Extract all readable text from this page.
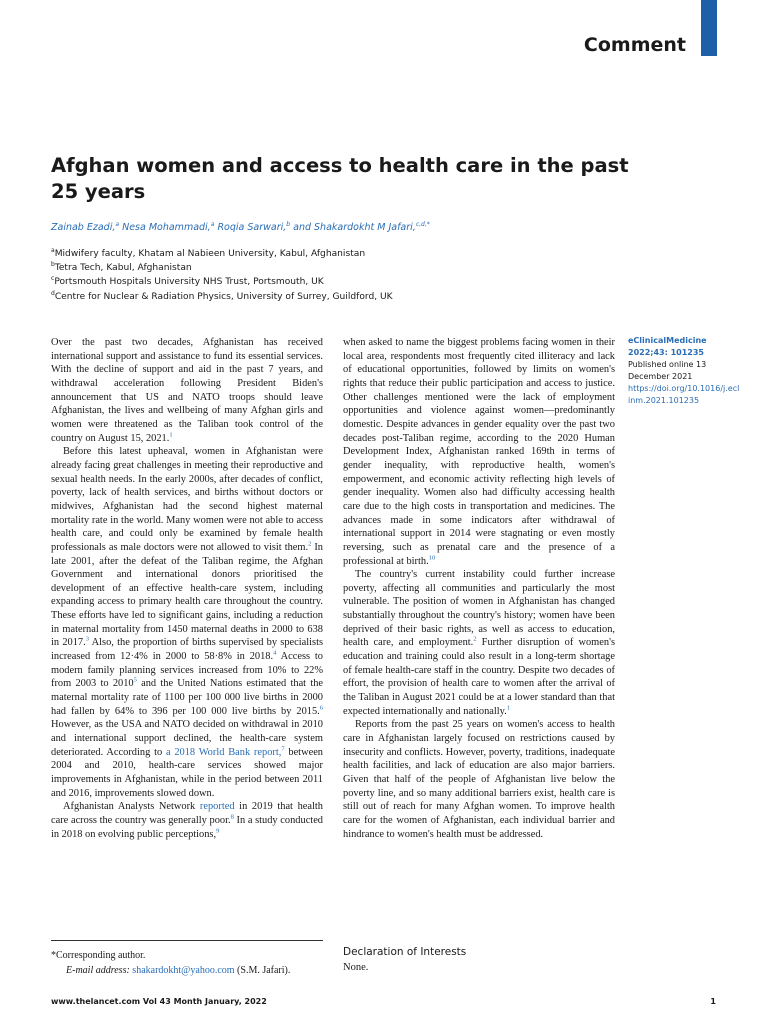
Comment
Afghan women and access to health care in the past 25 years
Zainab Ezadi,$^a$ Nesa Mohammadi,$^a$ Roqia Sarwari,$^b$ and Shakardokht M Jafari,$^{c,d,*}$
$^a$Midwifery faculty, Khatam al Nabieen University, Kabul, Afghanistan
$^b$Tetra Tech, Kabul, Afghanistan
$^c$Portsmouth Hospitals University NHS Trust, Portsmouth, UK
$^d$Centre for Nuclear & Radiation Physics, University of Surrey, Guildford, UK

Over the past two decades, Afghanistan has received international support and assistance to fund its essential services. With the decline of support and aid in the past 7 years, and withdrawal acceleration following President Biden's announcement that US and NATO troops should leave Afghanistan, the lives and wellbeing of many Afghan girls and women were threatened as the Taliban took control of the country on August 15, 2021.$^1$

Before this latest upheaval, women in Afghanistan were already facing great challenges in meeting their reproductive and sexual health needs. In the early 2000s, after decades of conflict, poverty, lack of health services, and births without doctors or midwives, Afghanistan had the second highest maternal mortality rate in the world. Many women were not able to access health care, and could only be examined by female health professionals as male doctors were not allowed to visit them.$^2$ In late 2001, after the defeat of the Taliban regime, the Afghan Government and international donors prioritised the development of an effective health-care system, including expanding access to primary health care throughout the country. These efforts have led to significant gains, including a reduction in maternal mortality from 1450 maternal deaths in 2000 to 638 in 2017.$^3$ Also, the proportion of births supervised by specialists increased from 12·4% in 2000 to 58·8% in 2018.$^4$ Access to modern family planning services increased from 10% to 22% from 2003 to 2010$^5$ and the United Nations estimated that the maternal mortality rate of 1100 per 100 000 live births in 2000 had fallen by 64% to 396 per 100 000 live births by 2015.$^6$ However, as the USA and NATO decided on withdrawal in 2010 and international support declined, the health-care system deteriorated. According to a 2018 World Bank report,$^7$ between 2004 and 2010, health-care services showed major improvements in Afghanistan, while in the period between 2011 and 2016, improvements slowed down.

Afghanistan Analysts Network reported in 2019 that health care across the country was generally poor.$^8$ In a study conducted in 2018 on evolving public perceptions,$^9$

when asked to name the biggest problems facing women in their local area, respondents most frequently cited illiteracy and lack of educational opportunities, followed by limits on women's rights that reduce their public participation and access to justice. Other challenges mentioned were the lack of employment opportunities and violence against women—predominantly domestic. Despite advances in gender equality over the past two decades post-Taliban regime, according to the 2020 Human Development Index, Afghanistan ranked 169th in terms of gender inequality, with reproductive health, women's empowerment, and economic activity reflecting high levels of gender inequality. Women also had difficulty accessing health care due to the high costs in transportation and medicines. The advances made in some indicators after withdrawal of international support in 2014 were stagnating or even mostly reversing, such as prenatal care and the presence of a professional at birth.$^{10}$

The country's current instability could further increase poverty, affecting all communities and particularly the most vulnerable. The position of women in Afghanistan has changed substantially throughout the country's history; women have been deprived of their basic rights, as well as access to education, health care, and employment.$^2$ Further disruption of women's education and training could also result in a long-term shortage of female health-care staff in the country. Despite two decades of effort, the provision of health care to women after the arrival of the Taliban in August 2021 could be at a lower standard than that expected internationally and nationally.$^1$

Reports from the past 25 years on women's access to health care in Afghanistan largely focused on restrictions caused by insecurity and conflicts. However, poverty, traditions, inadequate health facilities, and lack of education are also major barriers. Given that half of the people of Afghanistan live below the poverty line, and so many additional barriers exist, health care is still out of reach for many Afghan women. To improve health care for the women of Afghanistan, each individual barrier and hindrance to women's health must be addressed.

eClinicalMedicine
2022;43: 101235
Published online 13 December 2021
https://doi.org/10.1016/j.eclinm.2021.101235
*Corresponding author.
E-mail address: shakardokht@yahoo.com (S.M. Jafari).
Declaration of Interests
None.
www.thelancet.com Vol 43 Month January, 2022	1
